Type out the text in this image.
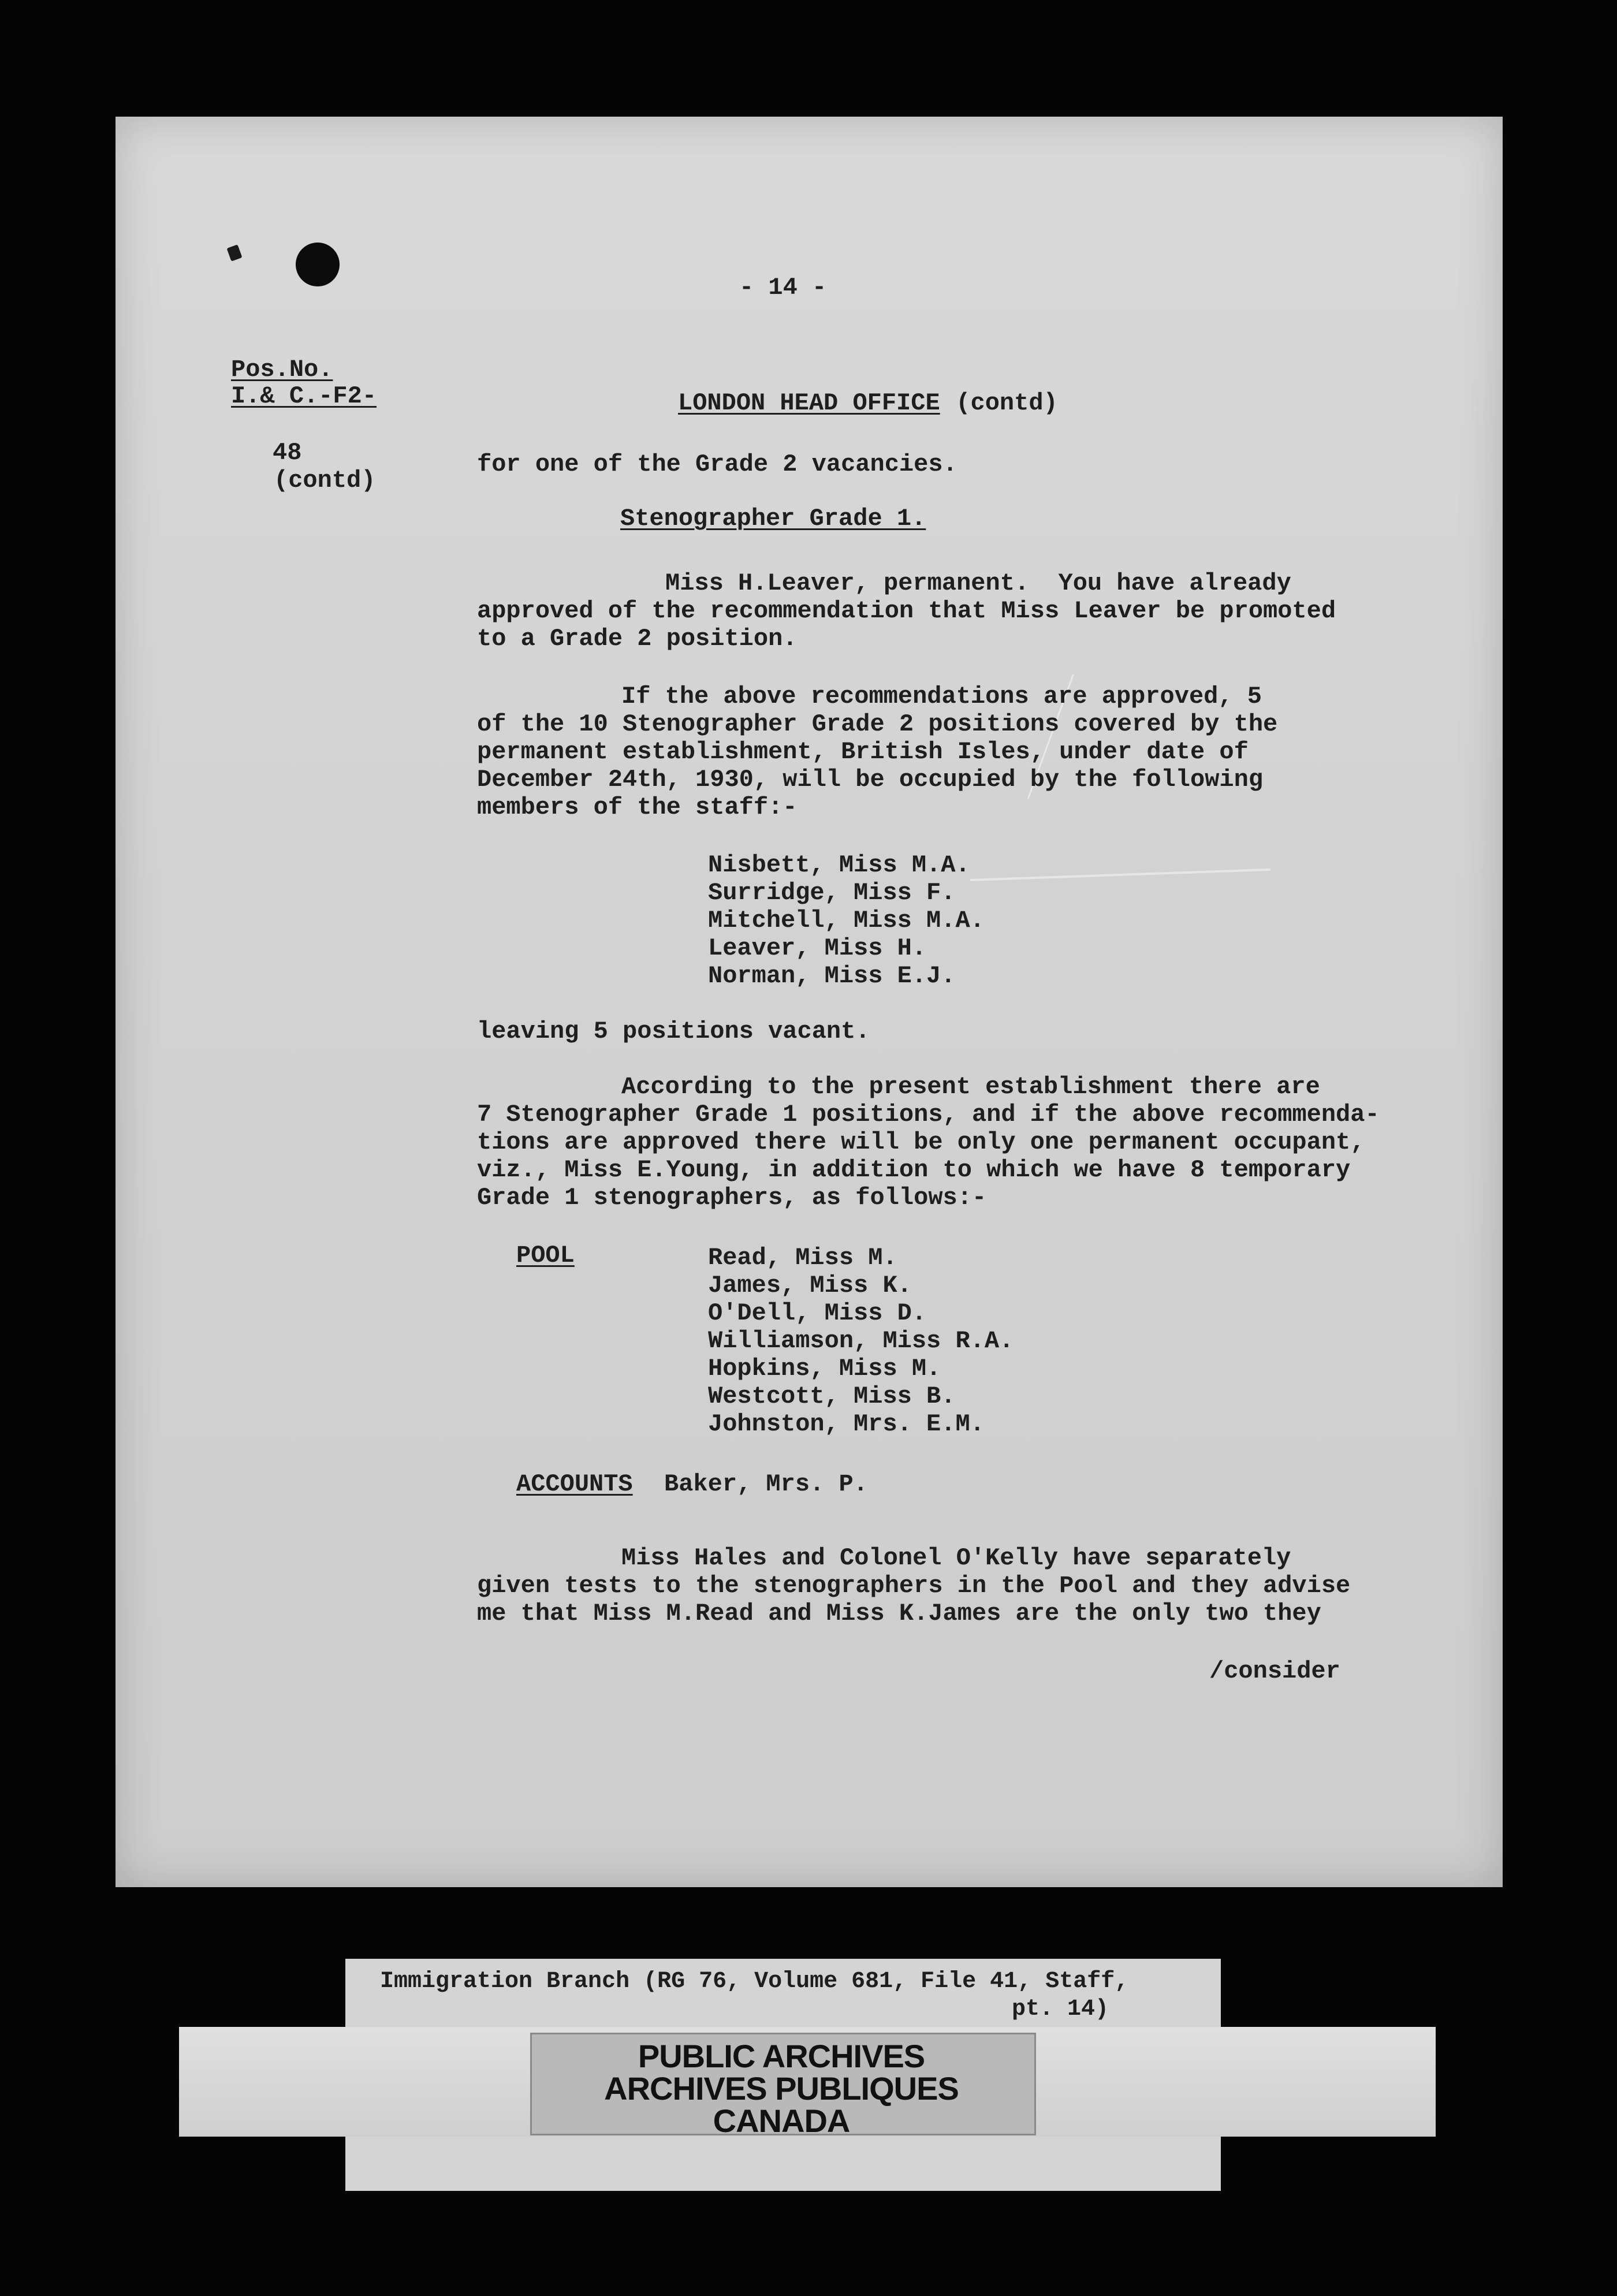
- 14 -
Pos.No.
I.& C.-F2-
48
(contd)
LONDON HEAD OFFICE (contd)
for one of the Grade 2 vacancies.
Stenographer Grade 1.
Miss H.Leaver, permanent.  You have already
approved of the recommendation that Miss Leaver be promoted
to a Grade 2 position.
If the above recommendations are approved, 5
of the 10 Stenographer Grade 2 positions covered by the
permanent establishment, British Isles, under date of
December 24th, 1930, will be occupied by the following
members of the staff:-
Nisbett, Miss M.A.
Surridge, Miss F.
Mitchell, Miss M.A.
Leaver, Miss H.
Norman, Miss E.J.
leaving 5 positions vacant.
According to the present establishment there are
7 Stenographer Grade 1 positions, and if the above recommenda-
tions are approved there will be only one permanent occupant,
viz., Miss E.Young, in addition to which we have 8 temporary
Grade 1 stenographers, as follows:-
POOL	Read, Miss M.
James, Miss K.
O'Dell, Miss D.
Williamson, Miss R.A.
Hopkins, Miss M.
Westcott, Miss B.
Johnston, Mrs. E.M.
ACCOUNTS Baker, Mrs. P.
Miss Hales and Colonel O'Kelly have separately
given tests to the stenographers in the Pool and they advise
me that Miss M.Read and Miss K.James are the only two they
/consider
Immigration Branch (RG 76, Volume 681, File 41, Staff,
pt. 14)
PUBLIC ARCHIVES
ARCHIVES PUBLIQUES
CANADA
